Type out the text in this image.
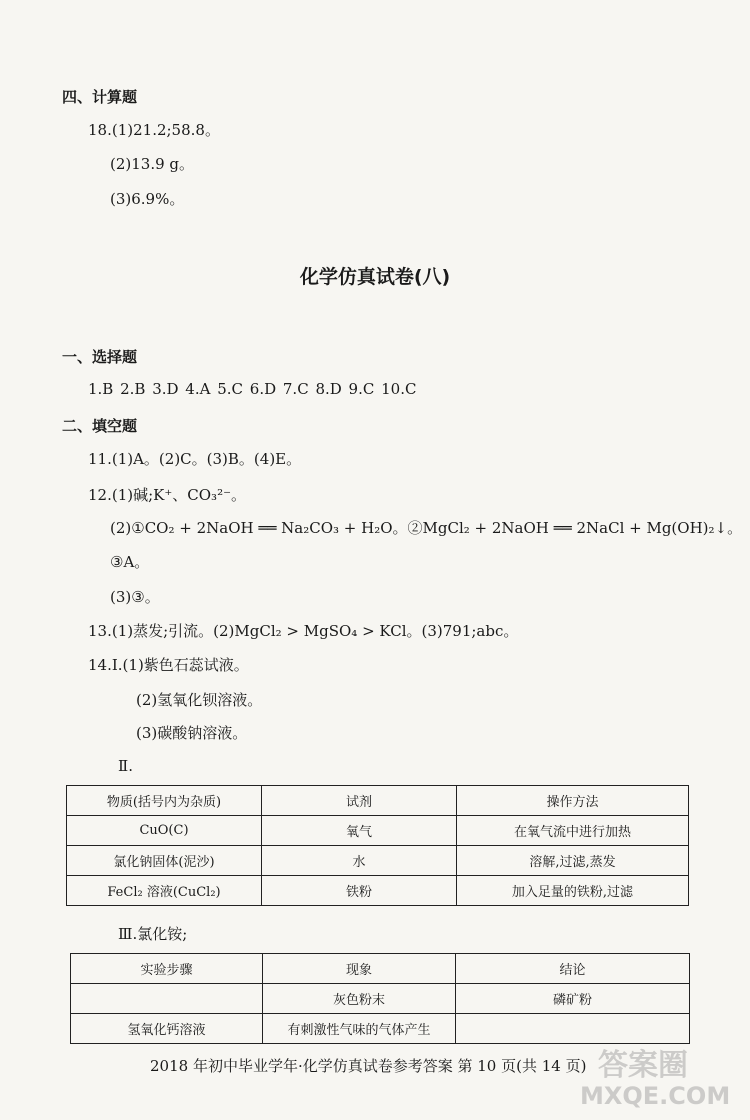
四、计算题
18.(1)21.2;58.8。
(2)13.9 g。
(3)6.9%。
化学仿真试卷(八)
一、选择题
1.B 2.B 3.D 4.A 5.C 6.D 7.C 8.D 9.C 10.C
二、填空题
11.(1)A。(2)C。(3)B。(4)E。
12.(1)碱;K⁺、CO₃²⁻。
(2)①CO₂ + 2NaOH ══ Na₂CO₃ + H₂O。②MgCl₂ + 2NaOH ══ 2NaCl + Mg(OH)₂↓。
③A。
(3)③。
13.(1)蒸发;引流。(2)MgCl₂ > MgSO₄ > KCl。(3)791;abc。
14.Ⅰ.(1)紫色石蕊试液。
(2)氢氧化钡溶液。
(3)碳酸钠溶液。
Ⅱ.
物质(括号内为杂质)	试剂	操作方法
CuO(C)	氧气	在氧气流中进行加热
氯化钠固体(泥沙)	水	溶解,过滤,蒸发
FeCl₂ 溶液(CuCl₂)	铁粉	加入足量的铁粉,过滤
Ⅲ.氯化铵;
实验步骤	现象	结论
	灰色粉末	磷矿粉
氢氧化钙溶液	有刺激性气味的气体产生	
2018 年初中毕业学年·化学仿真试卷参考答案 第 10 页(共 14 页) 答案圈
MXQE.COM
